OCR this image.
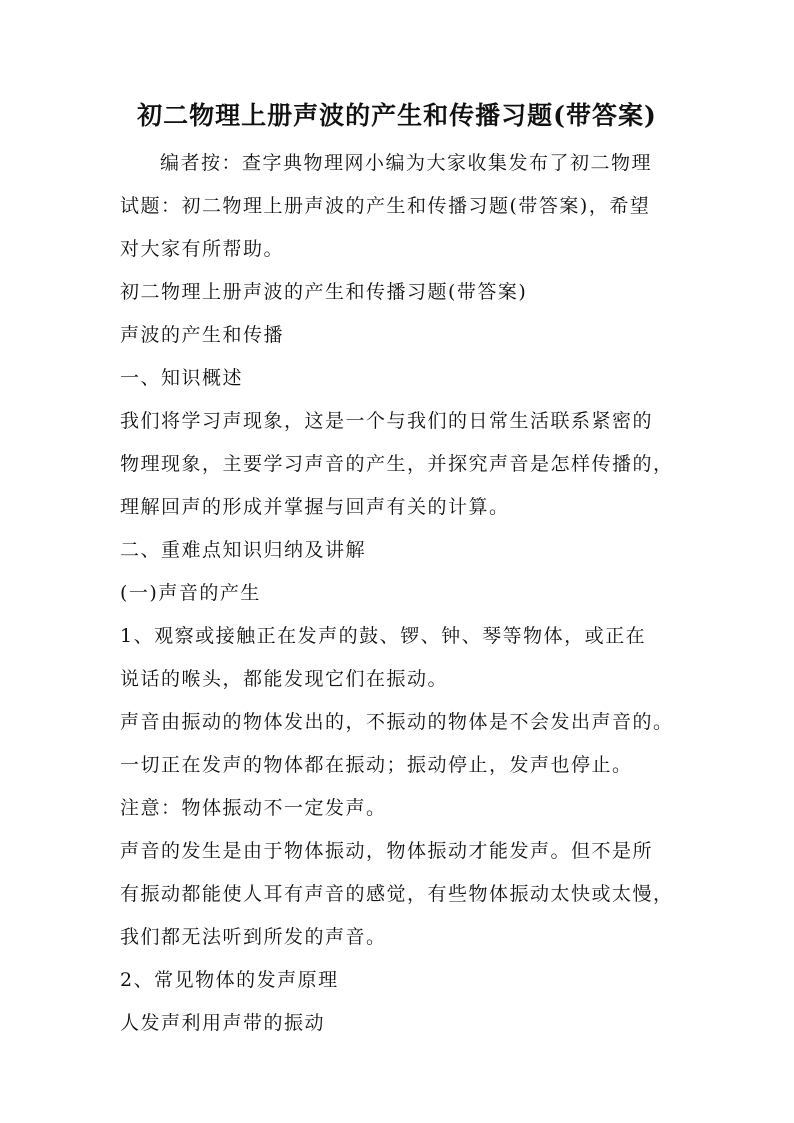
初二物理上册声波的产生和传播习题(带答案)
编者按：查字典物理网小编为大家收集发布了初二物理
试题：初二物理上册声波的产生和传播习题(带答案)，希望
对大家有所帮助。
初二物理上册声波的产生和传播习题(带答案)
声波的产生和传播
一、知识概述
我们将学习声现象，这是一个与我们的日常生活联系紧密的
物理现象，主要学习声音的产生，并探究声音是怎样传播的，
理解回声的形成并掌握与回声有关的计算。
二、重难点知识归纳及讲解
(一)声音的产生
1、观察或接触正在发声的鼓、锣、钟、琴等物体，或正在
说话的喉头，都能发现它们在振动。
声音由振动的物体发出的，不振动的物体是不会发出声音的。
一切正在发声的物体都在振动；振动停止，发声也停止。
注意：物体振动不一定发声。
声音的发生是由于物体振动，物体振动才能发声。但不是所
有振动都能使人耳有声音的感觉，有些物体振动太快或太慢，
我们都无法听到所发的声音。
2、常见物体的发声原理
人发声利用声带的振动
